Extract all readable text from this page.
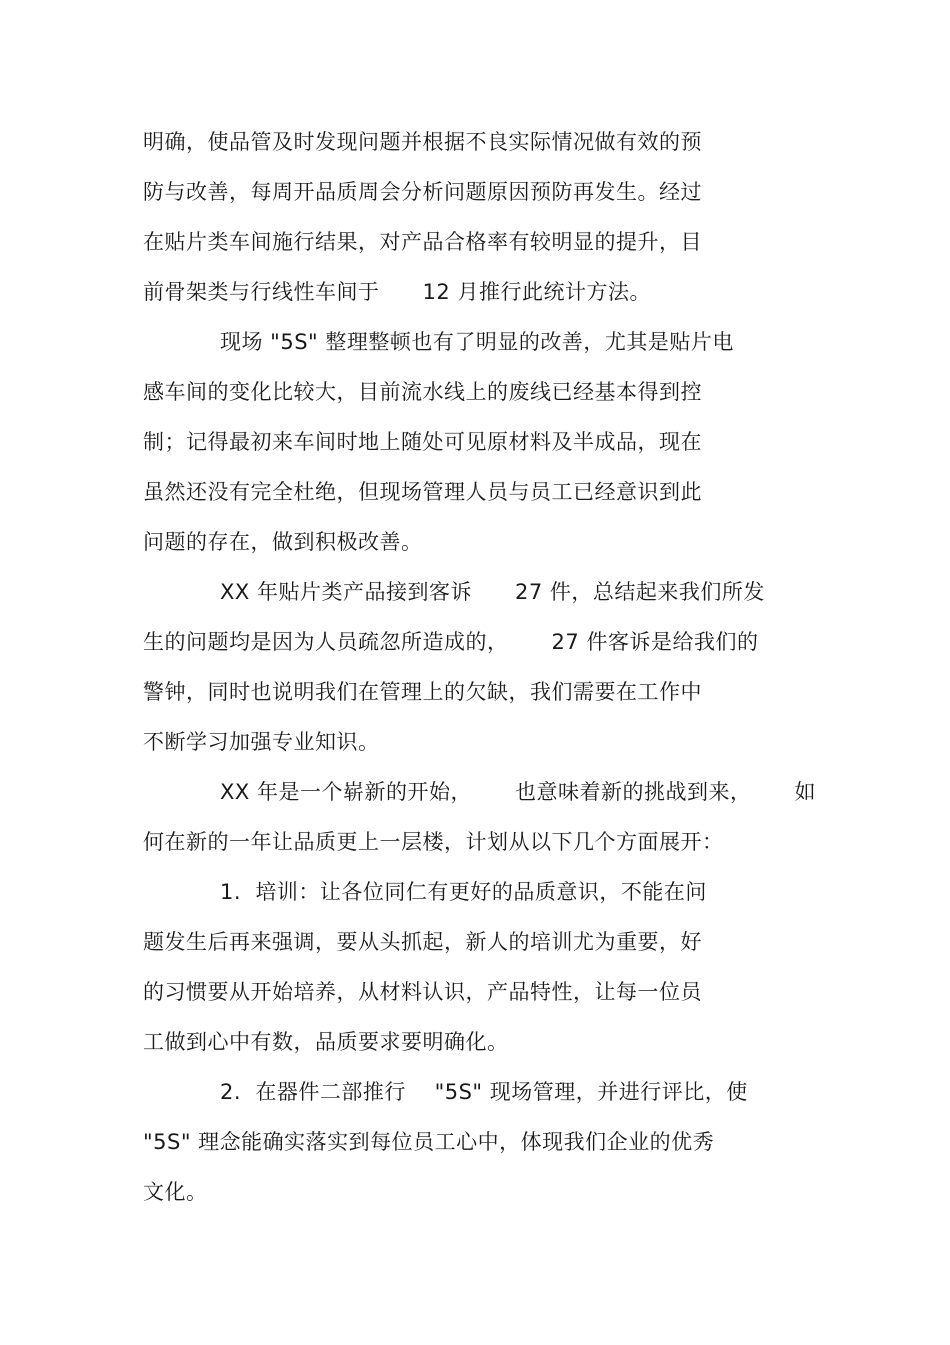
明确，使品管及时发现问题并根据不良实际情况做有效的预
防与改善，每周开品质周会分析问题原因预防再发生。经过
在贴片类车间施行结果，对产品合格率有较明显的提升，目
前骨架类与行线性车间于      12 月推行此统计方法。
现场 "5S" 整理整顿也有了明显的改善，尤其是贴片电
感车间的变化比较大，目前流水线上的废线已经基本得到控
制；记得最初来车间时地上随处可见原材料及半成品，现在
虽然还没有完全杜绝，但现场管理人员与员工已经意识到此
问题的存在，做到积极改善。
XX 年贴片类产品接到客诉      27 件，总结起来我们所发
生的问题均是因为人员疏忽所造成的，      27 件客诉是给我们的
警钟，同时也说明我们在管理上的欠缺，我们需要在工作中
不断学习加强专业知识。
XX 年是一个崭新的开始，      也意味着新的挑战到来，      如
何在新的一年让品质更上一层楼，计划从以下几个方面展开：
1.  培训：让各位同仁有更好的品质意识，不能在问
题发生后再来强调，要从头抓起，新人的培训尤为重要，好
的习惯要从开始培养，从材料认识，产品特性，让每一位员
工做到心中有数，品质要求要明确化。
2.  在器件二部推行    "5S" 现场管理，并进行评比，使
"5S" 理念能确实落实到每位员工心中，体现我们企业的优秀
文化。
